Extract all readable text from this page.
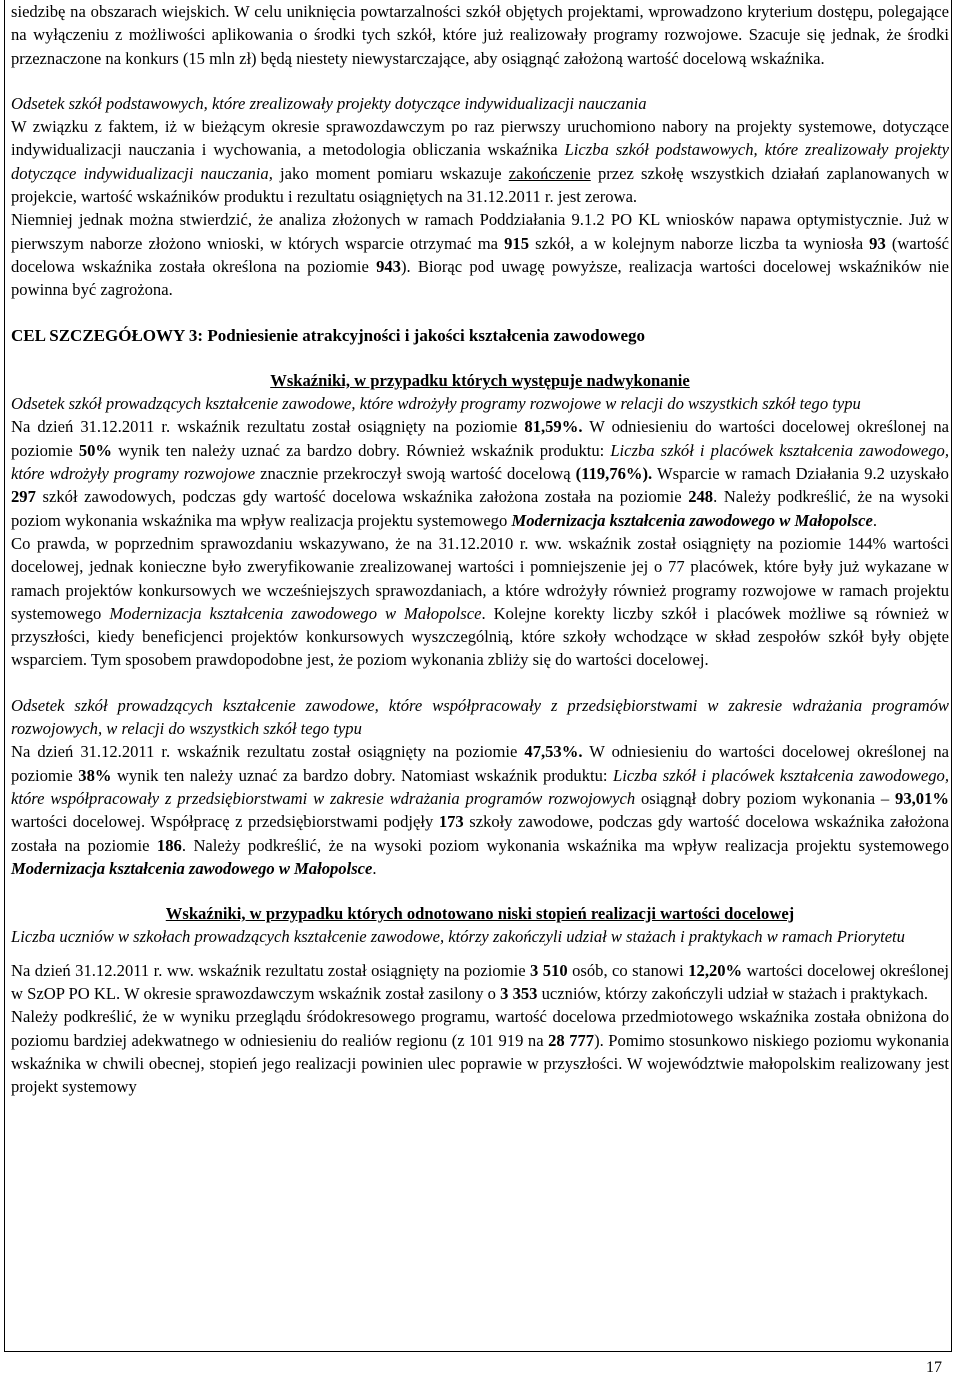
siedzibę na obszarach wiejskich. W celu uniknięcia powtarzalności szkół objętych projektami, wprowadzono kryterium dostępu, polegające na wyłączeniu z możliwości aplikowania o środki tych szkół, które już realizowały programy rozwojowe. Szacuje się jednak, że środki przeznaczone na konkurs (15 mln zł) będą niestety niewystarczające, aby osiągnąć założoną wartość docelową wskaźnika.

Odsetek szkół podstawowych, które zrealizowały projekty dotyczące indywidualizacji nauczania

W związku z faktem, iż w bieżącym okresie sprawozdawczym po raz pierwszy uruchomiono nabory na projekty systemowe, dotyczące indywidualizacji nauczania i wychowania, a metodologia obliczania wskaźnika Liczba szkół podstawowych, które zrealizowały projekty dotyczące indywidualizacji nauczania, jako moment pomiaru wskazuje zakończenie przez szkołę wszystkich działań zaplanowanych w projekcie, wartość wskaźników produktu i rezultatu osiągniętych na 31.12.2011 r. jest zerowa.

Niemniej jednak można stwierdzić, że analiza złożonych w ramach Poddziałania 9.1.2 PO KL wniosków napawa optymistycznie. Już w pierwszym naborze złożono wnioski, w których wsparcie otrzymać ma 915 szkół, a w kolejnym naborze liczba ta wyniosła 93 (wartość docelowa wskaźnika została określona na poziomie 943). Biorąc pod uwagę powyższe, realizacja wartości docelowej wskaźników nie powinna być zagrożona.

CEL SZCZEGÓŁOWY 3: Podniesienie atrakcyjności i jakości kształcenia zawodowego

Wskaźniki, w przypadku których występuje nadwykonanie

Odsetek szkół prowadzących kształcenie zawodowe, które wdrożyły programy rozwojowe w relacji do wszystkich szkół tego typu

Na dzień 31.12.2011 r. wskaźnik rezultatu został osiągnięty na poziomie 81,59%. W odniesieniu do wartości docelowej określonej na poziomie 50% wynik ten należy uznać za bardzo dobry. Również wskaźnik produktu: Liczba szkół i placówek kształcenia zawodowego, które wdrożyły programy rozwojowe znacznie przekroczył swoją wartość docelową (119,76%). Wsparcie w ramach Działania 9.2 uzyskało 297 szkół zawodowych, podczas gdy wartość docelowa wskaźnika założona została na poziomie 248. Należy podkreślić, że na wysoki poziom wykonania wskaźnika ma wpływ realizacja projektu systemowego Modernizacja kształcenia zawodowego w Małopolsce.

Co prawda, w poprzednim sprawozdaniu wskazywano, że na 31.12.2010 r. ww. wskaźnik został osiągnięty na poziomie 144% wartości docelowej, jednak konieczne było zweryfikowanie zrealizowanej wartości i pomniejszenie jej o 77 placówek, które były już wykazane w ramach projektów konkursowych we wcześniejszych sprawozdaniach, a które wdrożyły również programy rozwojowe w ramach projektu systemowego Modernizacja kształcenia zawodowego w Małopolsce. Kolejne korekty liczby szkół i placówek możliwe są również w przyszłości, kiedy beneficjenci projektów konkursowych wyszczególnią, które szkoły wchodzące w skład zespołów szkół były objęte wsparciem. Tym sposobem prawdopodobne jest, że poziom wykonania zbliży się do wartości docelowej.

Odsetek szkół prowadzących kształcenie zawodowe, które współpracowały z przedsiębiorstwami w zakresie wdrażania programów rozwojowych, w relacji do wszystkich szkół tego typu

Na dzień 31.12.2011 r. wskaźnik rezultatu został osiągnięty na poziomie 47,53%. W odniesieniu do wartości docelowej określonej na poziomie 38% wynik ten należy uznać za bardzo dobry. Natomiast wskaźnik produktu: Liczba szkół i placówek kształcenia zawodowego, które współpracowały z przedsiębiorstwami w zakresie wdrażania programów rozwojowych osiągnął dobry poziom wykonania – 93,01% wartości docelowej. Współpracę z przedsiębiorstwami podjęły 173 szkoły zawodowe, podczas gdy wartość docelowa wskaźnika założona została na poziomie 186. Należy podkreślić, że na wysoki poziom wykonania wskaźnika ma wpływ realizacja projektu systemowego Modernizacja kształcenia zawodowego w Małopolsce.

Wskaźniki, w przypadku których odnotowano niski stopień realizacji wartości docelowej

Liczba uczniów w szkołach prowadzących kształcenie zawodowe, którzy zakończyli udział w stażach i praktykach w ramach Priorytetu

Na dzień 31.12.2011 r. ww. wskaźnik rezultatu został osiągnięty na poziomie 3 510 osób, co stanowi 12,20% wartości docelowej określonej w SzOP PO KL. W okresie sprawozdawczym wskaźnik został zasilony o 3 353 uczniów, którzy zakończyli udział w stażach i praktykach.

Należy podkreślić, że w wyniku przeglądu śródokresowego programu, wartość docelowa przedmiotowego wskaźnika została obniżona do poziomu bardziej adekwatnego w odniesieniu do realiów regionu (z 101 919 na 28 777). Pomimo stosunkowo niskiego poziomu wykonania wskaźnika w chwili obecnej, stopień jego realizacji powinien ulec poprawie w przyszłości. W województwie małopolskim realizowany jest projekt systemowy

17
